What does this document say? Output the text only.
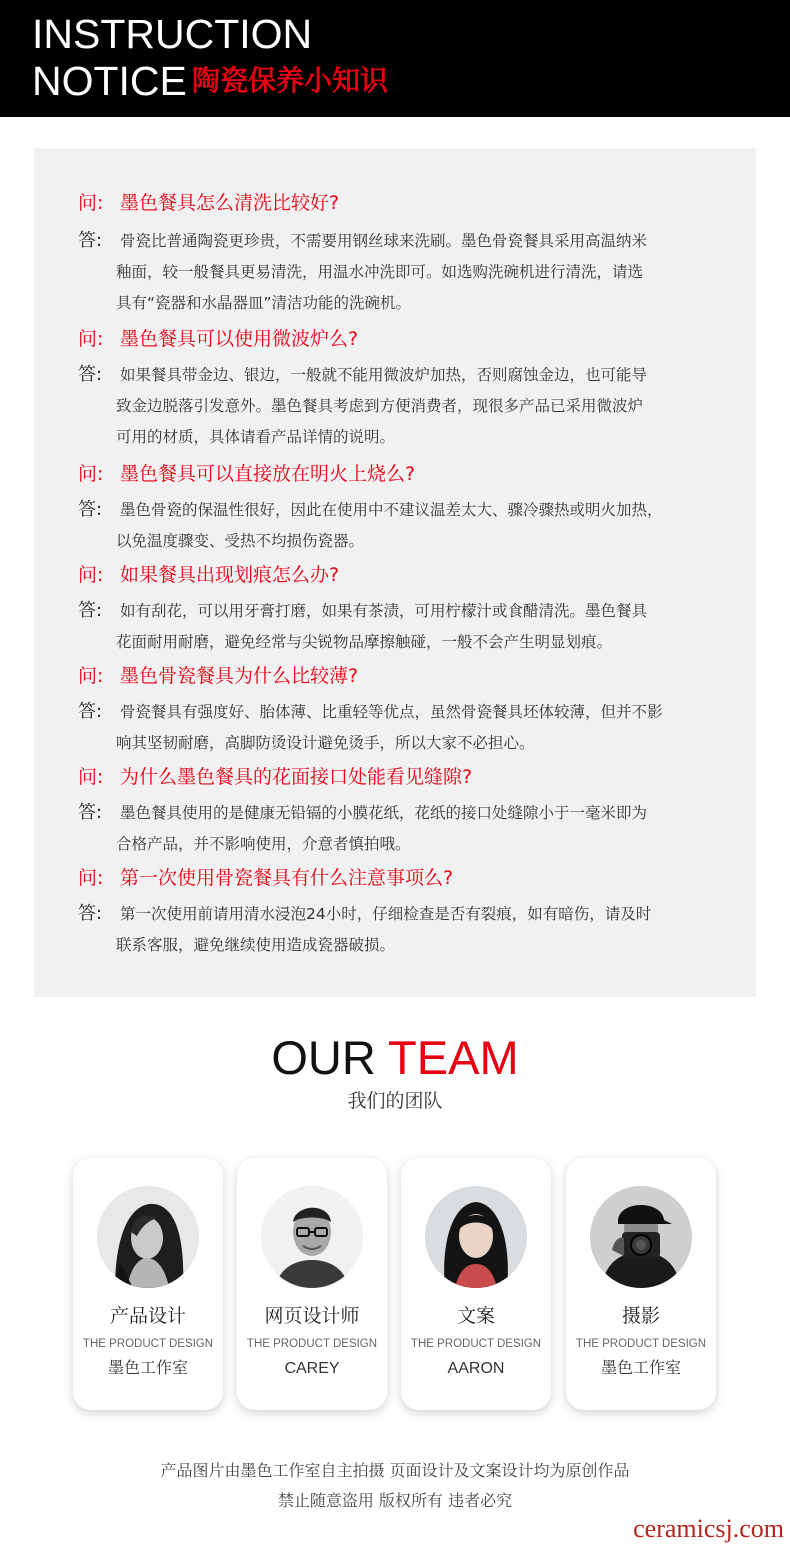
INSTRUCTION
NOTICE 陶瓷保养小知识
问: 墨色餐具怎么清洗比较好?
答: 骨瓷比普通陶瓷更珍贵，不需要用钢丝球来洗刷。墨色骨瓷餐具采用高温纳米
釉面，较一般餐具更易清洗，用温水冲洗即可。如选购洗碗机进行清洗，请选
具有“瓷器和水晶器皿”清洁功能的洗碗机。
问: 墨色餐具可以使用微波炉么?
答: 如果餐具带金边、银边，一般就不能用微波炉加热，否则腐蚀金边，也可能导
致金边脱落引发意外。墨色餐具考虑到方便消费者，现很多产品已采用微波炉
可用的材质，具体请看产品详情的说明。
问: 墨色餐具可以直接放在明火上烧么?
答: 墨色骨瓷的保温性很好，因此在使用中不建议温差太大、骤冷骤热或明火加热，
以免温度骤变、受热不均损伤瓷器。
问: 如果餐具出现划痕怎么办?
答: 如有刮花，可以用牙膏打磨，如果有茶渍，可用柠檬汁或食醋清洗。墨色餐具
花面耐用耐磨，避免经常与尖锐物品摩擦触碰，一般不会产生明显划痕。
问: 墨色骨瓷餐具为什么比较薄?
答: 骨瓷餐具有强度好、胎体薄、比重轻等优点，虽然骨瓷餐具坯体较薄，但并不影
响其坚韧耐磨，高脚防烫设计避免烫手，所以大家不必担心。
问: 为什么墨色餐具的花面接口处能看见缝隙?
答: 墨色餐具使用的是健康无铅镉的小膜花纸，花纸的接口处缝隙小于一毫米即为
合格产品，并不影响使用，介意者慎拍哦。
问: 第一次使用骨瓷餐具有什么注意事项么?
答: 第一次使用前请用清水浸泡24小时，仔细检查是否有裂痕，如有暗伤，请及时
联系客服，避免继续使用造成瓷器破损。
OUR TEAM
我们的团队
产品设计
THE PRODUCT DESIGN
墨色工作室
网页设计师
THE PRODUCT DESIGN
CAREY
文案
THE PRODUCT DESIGN
AARON
摄影
THE PRODUCT DESIGN
墨色工作室
产品图片由墨色工作室自主拍摄 页面设计及文案设计均为原创作品
禁止随意盗用 版权所有 违者必究
ceramicsj.com
